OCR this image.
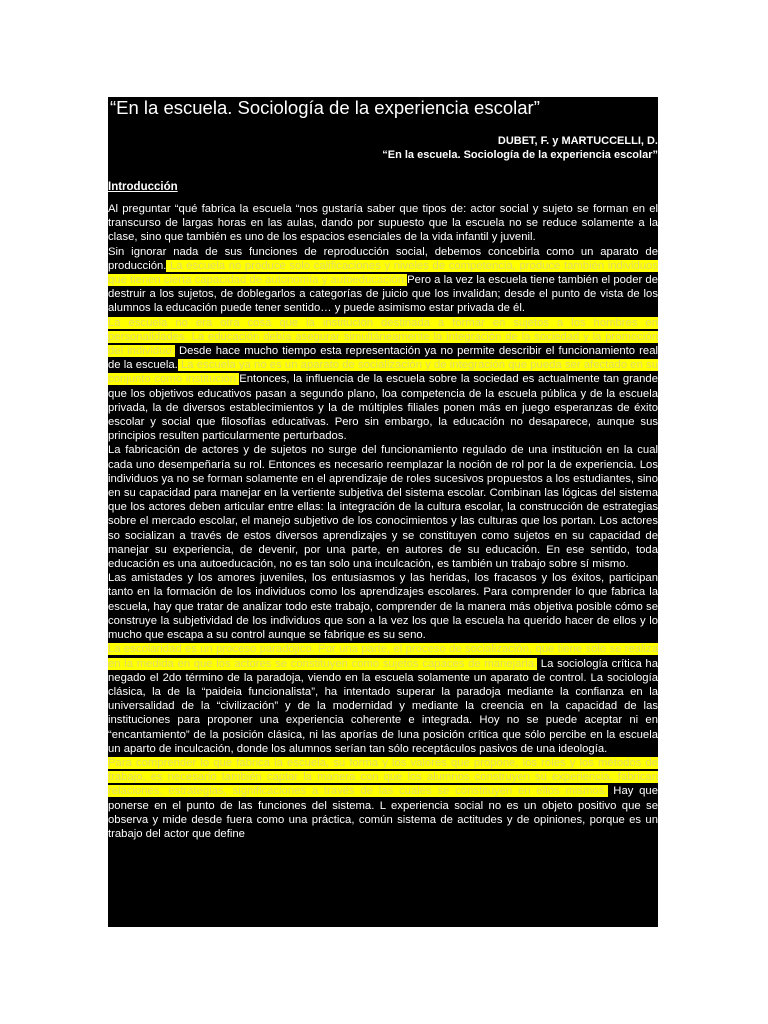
“En la escuela. Sociología de la experiencia escolar”
DUBET, F. y MARTUCCELLI, D.
“En la escuela. Sociología de la experiencia escolar”
Introducción

Al preguntar “qué fabrica la escuela “nos gustaría saber que tipos de: actor social y sujeto se forman en el transcurso de largas horas en las aulas, dando por supuesto que la escuela no se reduce solamente a la clase, sino que también es uno de los espacios esenciales de la vida infantil y juvenil.

Sin ignorar nada de sus funciones de reproducción social, debemos concebirla como un aparato de producción. La escuela no produce solo calificaciones y niveles de competencia, produce también individuos que tienen cierta capacidad de autonomía y autoeducación.Pero a la vez la escuela tiene también el poder de destruir a los sujetos, de doblegarlos a categorías de juicio que los invalidan; desde el punto de vista de los alumnos la educación puede tener sentido… y puede asimismo estar privada de él.

La escuela no era otra cosa que la institución destinada a formar en sujetos a los hombres en personalidades. La educación debía asegurar simultáneamente la integración de la sociedad y la promoción del individuo. Desde hace mucho tiempo esta representación ya no permite describir el funcionamiento real de la escuela. La escuela ya no es un aparato de socialización y de integración que pueda ser afectado en su conjunto como institución.Entonces, la influencia de la escuela sobre la sociedad es actualmente tan grande que los objetivos educativos pasan a segundo plano, loa competencia de la escuela pública y de la escuela privada, la de diversos establecimientos y la de múltiples filiales ponen más en juego esperanzas de éxito escolar y social que filosofías educativas. Pero sin embargo, la educación no desaparece, aunque sus principios resulten particularmente perturbados.

La fabricación de actores y de sujetos no surge del funcionamiento regulado de una institución en la cual cada uno desempeñaría su rol. Entonces es necesario reemplazar la noción de rol por la de experiencia. Los individuos ya no se forman solamente en el aprendizaje de roles sucesivos propuestos a los estudiantes, sino en su capacidad para manejar en la vertiente subjetiva del sistema escolar. Combinan las lógicas del sistema que los actores deben articular entre ellas: la integración de la cultura escolar, la construcción de estrategias sobre el mercado escolar, el manejo subjetivo de los conocimientos y las culturas que los portan. Los actores so socializan a través de estos diversos aprendizajes y se constituyen como sujetos en su capacidad de manejar su experiencia, de devenir, por una parte, en autores de su educación. En ese sentido, toda educación es una autoeducación, no es tan solo una inculcación, es también un trabajo sobre sí mismo.

Las amistades y los amores juveniles, los entusiasmos y las heridas, los fracasos y los éxitos, participan tanto en la formación de los individuos como los aprendizajes escolares. Para comprender lo que fabrica la escuela, hay que tratar de analizar todo este trabajo, comprender de la manera más objetiva posible cómo se construye la subjetividad de los individuos que son a la vez los que la escuela ha querido hacer de ellos y lo mucho que escapa a su control aunque se fabrique es su seno.

La escolaridad es un proceso paradójico. Por una parte, el proceso de socialización, que tiene solo se realiza en la medida en que los actores se constituyen como sujetos capaces de manejarla. La sociología crítica ha negado el 2do término de la paradoja, viendo en la escuela solamente un aparato de control. La sociología clásica, la de la “paideia funcionalista”, ha intentado superar la paradoja mediante la confianza en la universalidad de la “civilización” y de la modernidad y mediante la creencia en la capacidad de las instituciones para proponer una experiencia coherente e integrada. Hoy no se puede aceptar ni en “encantamiento” de la posición clásica, ni las aporías de luna posición crítica que sólo percibe en la escuela un aparto de inculcación, donde los alumnos serían tan sólo receptáculos pasivos de una ideología.

Para comprender lo que fabrica la escuela, su forma y los valores que propone, los roles y los métodos de trabajo, es necesario también captar la manera con que los alumnos construyen su experiencia, fabrican relaciones, estrategias, significaciones a través de las cuales se constituyen en ellos mismos. Hay que ponerse en el punto de las funciones del sistema. L experiencia social no es un objeto positivo que se observa y mide desde fuera como una práctica, común sistema de actitudes y de opiniones, porque es un trabajo del actor que define
